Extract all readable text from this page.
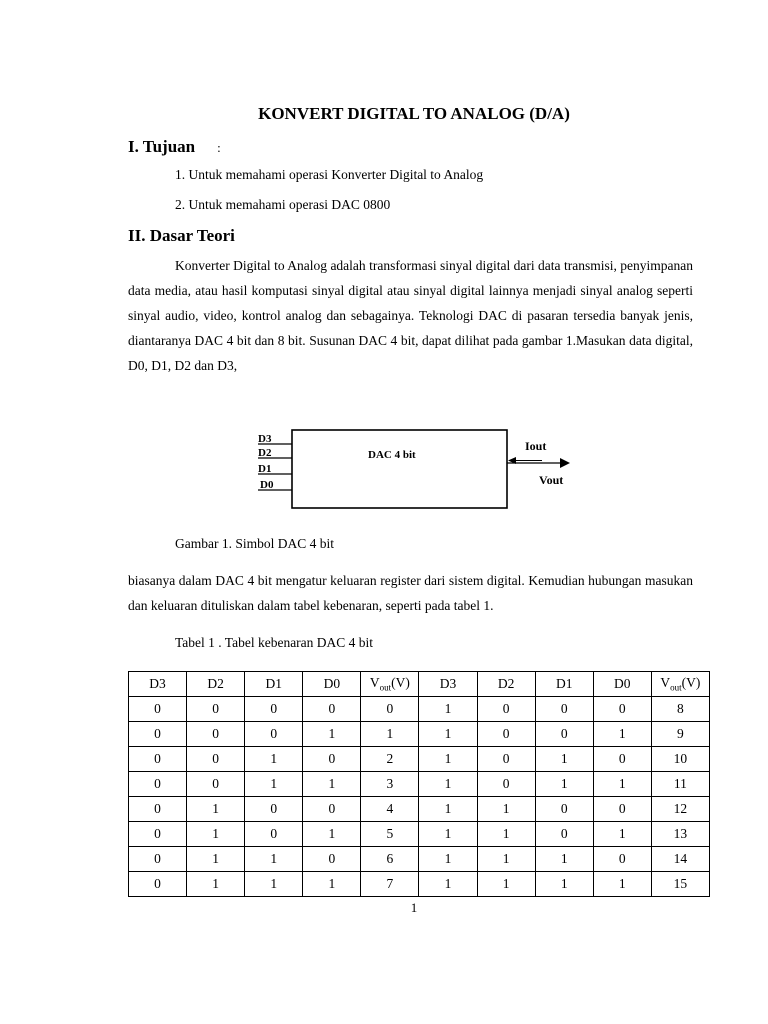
KONVERT DIGITAL TO ANALOG (D/A)
I. Tujuan :
1. Untuk memahami operasi Konverter Digital to Analog
2. Untuk memahami operasi DAC 0800
II. Dasar Teori
Konverter Digital to Analog adalah transformasi sinyal digital dari data transmisi, penyimpanan data media, atau hasil komputasi sinyal digital atau sinyal digital lainnya menjadi sinyal analog seperti sinyal audio, video, kontrol analog dan sebagainya. Teknologi DAC di pasaran tersedia banyak jenis, diantaranya DAC 4 bit dan 8 bit. Susunan DAC 4 bit, dapat dilihat pada gambar 1.Masukan data digital, D0, D1, D2 dan D3,
D3
D2
D1
D0
DAC 4 bit
Iout
Vout
Gambar 1. Simbol DAC 4 bit
biasanya dalam DAC 4 bit mengatur keluaran register dari sistem digital. Kemudian hubungan masukan dan keluaran dituliskan dalam tabel kebenaran, seperti pada tabel 1.
Tabel 1 . Tabel kebenaran DAC 4 bit
D3	D2	D1	D0	$V_{out}(V)$	D3	D2	D1	D0	$V_{out}(V)$
0	0	0	0	0	1	0	0	0	8
0	0	0	1	1	1	0	0	1	9
0	0	1	0	2	1	0	1	0	10
0	0	1	1	3	1	0	1	1	11
0	1	0	0	4	1	1	0	0	12
0	1	0	1	5	1	1	0	1	13
0	1	1	0	6	1	1	1	0	14
0	1	1	1	7	1	1	1	1	15
1
